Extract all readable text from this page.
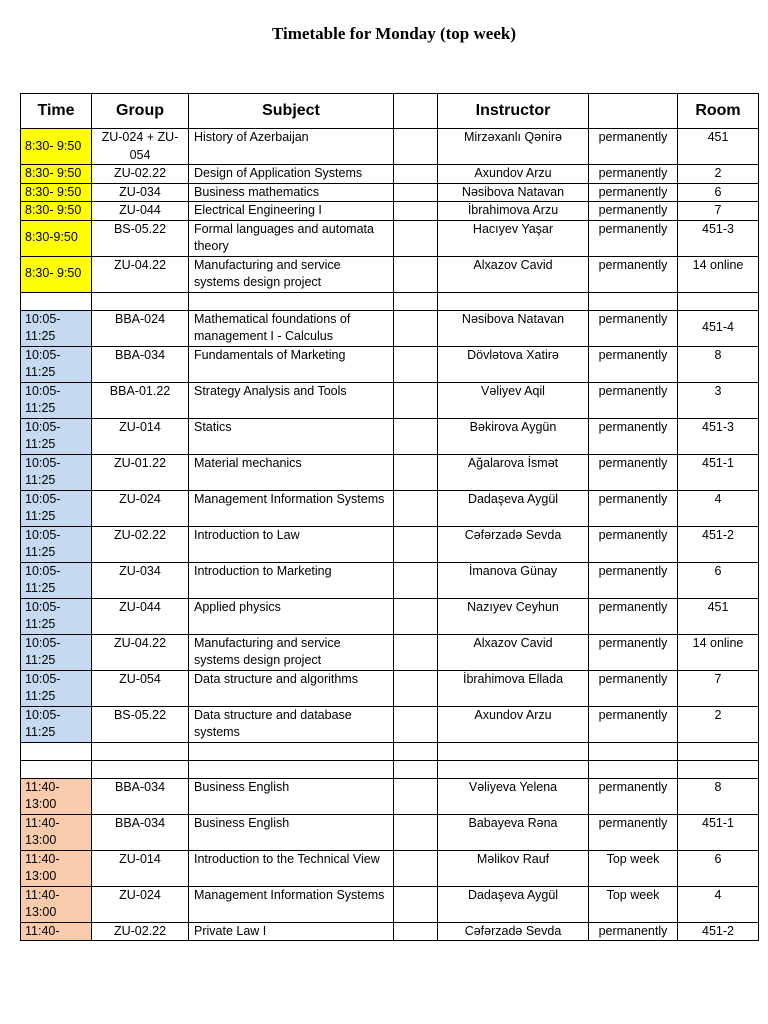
Timetable for Monday (top week)
Time	Group	Subject		Instructor		Room
8:30- 9:50	ZU-024 + ZU-054	History of Azerbaijan		Mirzəxanlı Qənirə	permanently	451
8:30- 9:50	ZU-02.22	Design of Application Systems		Axundov Arzu	permanently	2
8:30- 9:50	ZU-034	Business mathematics		Nəsibova Natavan	permanently	6
8:30- 9:50	ZU-044	Electrical Engineering I		İbrahimova Arzu	permanently	7
8:30-9:50	BS-05.22	Formal languages and automata theory		Hacıyev Yaşar	permanently	451-3
8:30- 9:50	ZU-04.22	Manufacturing and service systems design project		Alxazov Cavid	permanently	14 online

10:05- 11:25	BBA-024	Mathematical foundations of management I - Calculus		Nəsibova Natavan	permanently	451-4
10:05- 11:25	BBA-034	Fundamentals of Marketing		Dövlətova Xatirə	permanently	8
10:05- 11:25	BBA-01.22	Strategy Analysis and Tools		Vəliyev Aqil	permanently	3
10:05- 11:25	ZU-014	Statics		Bəkirova Aygün	permanently	451-3
10:05- 11:25	ZU-01.22	Material mechanics		Ağalarova İsmət	permanently	451-1
10:05- 11:25	ZU-024	Management Information Systems		Dadaşeva Aygül	permanently	4
10:05- 11:25	ZU-02.22	Introduction to Law		Cəfərzadə Sevda	permanently	451-2
10:05- 11:25	ZU-034	Introduction to Marketing		İmanova Günay	permanently	6
10:05- 11:25	ZU-044	Applied physics		Nazıyev Ceyhun	permanently	451
10:05- 11:25	ZU-04.22	Manufacturing and service systems design project		Alxazov Cavid	permanently	14 online
10:05- 11:25	ZU-054	Data structure and algorithms		İbrahimova Ellada	permanently	7
10:05- 11:25	BS-05.22	Data structure and database systems		Axundov Arzu	permanently	2

11:40- 13:00	BBA-034	Business English		Vəliyeva Yelena	permanently	8
11:40- 13:00	BBA-034	Business English		Babayeva Rəna	permanently	451-1
11:40- 13:00	ZU-014	Introduction to the Technical View		Məlikov Rauf	Top week	6
11:40- 13:00	ZU-024	Management Information Systems		Dadaşeva Aygül	Top week	4
11:40-	ZU-02.22	Private Law I		Cəfərzadə Sevda	permanently	451-2
